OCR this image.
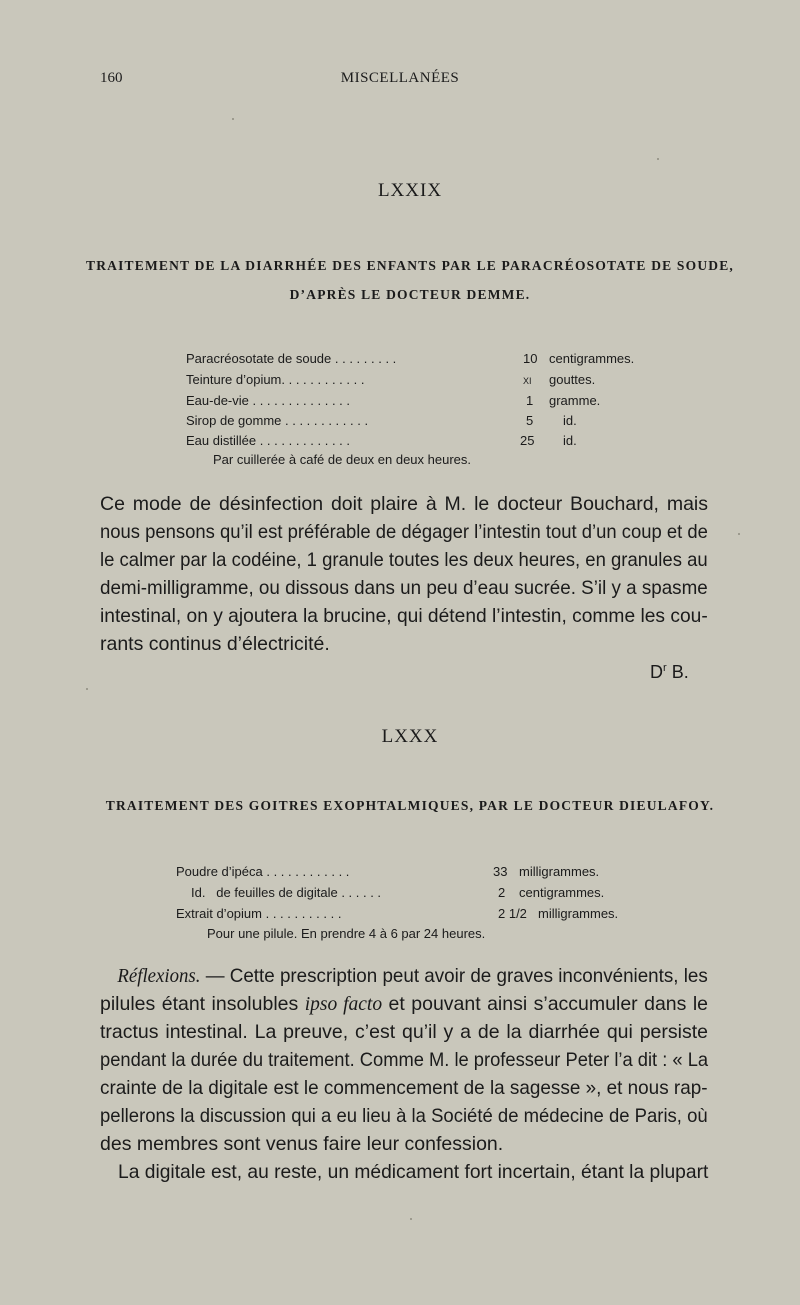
160	MISCELLANÉES
LXXIX
TRAITEMENT DE LA DIARRHÉE DES ENFANTS PAR LE PARACRÉOSOTATE DE SOUDE,
D’APRÈS LE DOCTEUR DEMME.
Paracréosotate de soude . . . . . . . . .	10 centigrammes.
Teinture d’opium. . . . . . . . . . . .	xi gouttes.
Eau-de-vie . . . . . . . . . . . . . .	1 gramme.
Sirop de gomme . . . . . . . . . . . .	5 id.
Eau distillée . . . . . . . . . . . . .	25 id.
Par cuillerée à café de deux en deux heures.
Ce mode de désinfection doit plaire à M. le docteur Bouchard, mais
nous pensons qu’il est préférable de dégager l’intestin tout d’un coup et de
le calmer par la codéine, 1 granule toutes les deux heures, en granules au
demi-milligramme, ou dissous dans un peu d’eau sucrée. S’il y a spasme
intestinal, on y ajoutera la brucine, qui détend l’intestin, comme les cou-
rants continus d’électricité.
$D^r$ B.
LXXX
TRAITEMENT DES GOITRES EXOPHTALMIQUES, PAR LE DOCTEUR DIEULAFOY.
Poudre d’ipéca . . . . . . . . . . . .	33 milligrammes.
Id.   de feuilles de digitale . . . . . .	2 centigrammes.
Extrait d’opium . . . . . . . . . . .	2 1/2 milligrammes.
Pour une pilule. En prendre 4 à 6 par 24 heures.
Réflexions. — Cette prescription peut avoir de graves inconvénients, les
pilules étant insolubles ipso facto et pouvant ainsi s’accumuler dans le
tractus intestinal. La preuve, c’est qu’il y a de la diarrhée qui persiste
pendant la durée du traitement. Comme M. le professeur Peter l’a dit : « La
crainte de la digitale est le commencement de la sagesse », et nous rap-
pellerons la discussion qui a eu lieu à la Société de médecine de Paris, où
des membres sont venus faire leur confession.
La digitale est, au reste, un médicament fort incertain, étant la plupart
